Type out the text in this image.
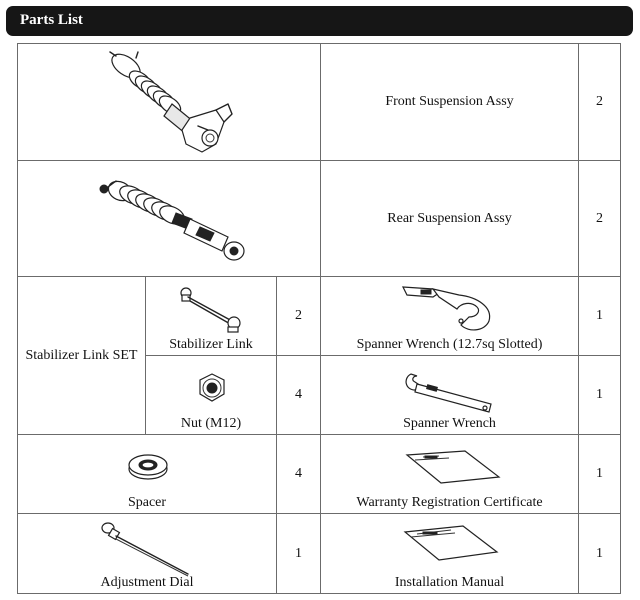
Parts List
Front Suspension Assy	2
Rear Suspension Assy	2
Stabilizer Link SET
Stabilizer Link
2
Spanner Wrench (12.7sq Slotted)
1
Nut (M12)
4
Spanner Wrench
1
Spacer
4
Warranty Registration Certificate
1
Adjustment Dial
1
Installation Manual
1
